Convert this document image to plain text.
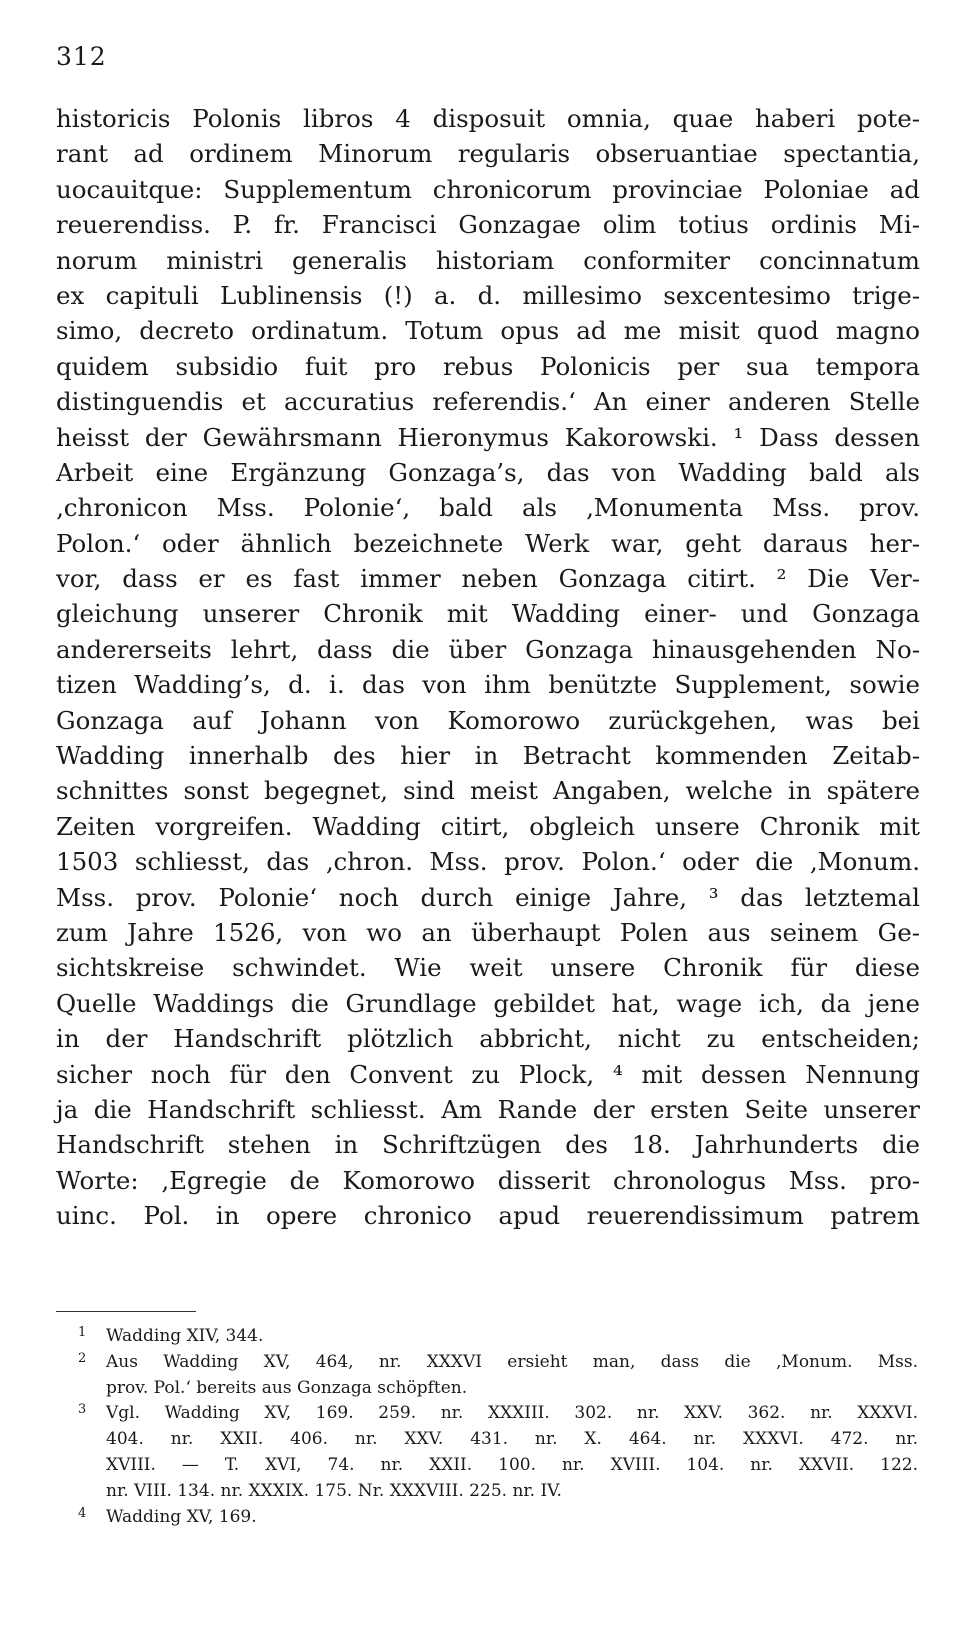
312
historicis Polonis libros 4 disposuit omnia, quae haberi pote-
rant ad ordinem Minorum regularis obseruantiae spectantia,
uocauitque: Supplementum chronicorum provinciae Poloniae ad
reuerendiss. P. fr. Francisci Gonzagae olim totius ordinis Mi-
norum ministri generalis historiam conformiter concinnatum
ex capituli Lublinensis (!) a. d. millesimo sexcentesimo trige-
simo, decreto ordinatum. Totum opus ad me misit quod magno
quidem subsidio fuit pro rebus Polonicis per sua tempora
distinguendis et accuratius referendis.‘ An einer anderen Stelle
heisst der Gewährsmann Hieronymus Kakorowski. ¹ Dass dessen
Arbeit eine Ergänzung Gonzaga’s, das von Wadding bald als
‚chronicon Mss. Polonie‘, bald als ‚Monumenta Mss. prov.
Polon.‘ oder ähnlich bezeichnete Werk war, geht daraus her-
vor, dass er es fast immer neben Gonzaga citirt. ² Die Ver-
gleichung unserer Chronik mit Wadding einer- und Gonzaga
andererseits lehrt, dass die über Gonzaga hinausgehenden No-
tizen Wadding’s, d. i. das von ihm benützte Supplement, sowie
Gonzaga auf Johann von Komorowo zurückgehen, was bei
Wadding innerhalb des hier in Betracht kommenden Zeitab-
schnittes sonst begegnet, sind meist Angaben, welche in spätere
Zeiten vorgreifen. Wadding citirt, obgleich unsere Chronik mit
1503 schliesst, das ‚chron. Mss. prov. Polon.‘ oder die ‚Monum.
Mss. prov. Polonie‘ noch durch einige Jahre, ³ das letztemal
zum Jahre 1526, von wo an überhaupt Polen aus seinem Ge-
sichtskreise schwindet. Wie weit unsere Chronik für diese
Quelle Waddings die Grundlage gebildet hat, wage ich, da jene
in der Handschrift plötzlich abbricht, nicht zu entscheiden;
sicher noch für den Convent zu Plock, ⁴ mit dessen Nennung
ja die Handschrift schliesst. Am Rande der ersten Seite unserer
Handschrift stehen in Schriftzügen des 18. Jahrhunderts die
Worte: ‚Egregie de Komorowo disserit chronologus Mss. pro-
uinc. Pol. in opere chronico apud reuerendissimum patrem
1 Wadding XIV, 344.
2	Aus Wadding XV, 464, nr. XXXVI ersieht man, dass die ‚Monum. Mss.
prov. Pol.‘ bereits aus Gonzaga schöpften.
3	Vgl. Wadding XV, 169. 259. nr. XXXIII. 302. nr. XXV. 362. nr. XXXVI.
404. nr. XXII. 406. nr. XXV. 431. nr. X. 464. nr. XXXVI. 472. nr.
XVIII. — T. XVI, 74. nr. XXII. 100. nr. XVIII. 104. nr. XXVII. 122.
nr. VIII. 134. nr. XXXIX. 175. Nr. XXXVIII. 225. nr. IV.
4 Wadding XV, 169.
